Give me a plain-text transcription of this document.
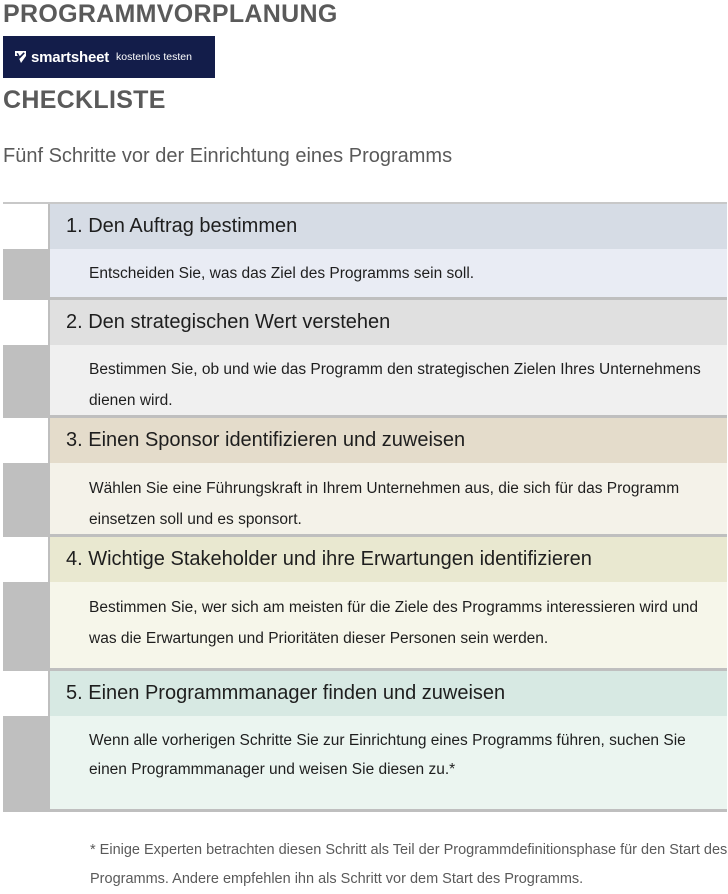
PROGRAMMVORPLANUNG
smartsheet kostenlos testen
CHECKLISTE
Fünf Schritte vor der Einrichtung eines Programms
1. Den Auftrag bestimmen
Entscheiden Sie, was das Ziel des Programms sein soll.
2. Den strategischen Wert verstehen
Bestimmen Sie, ob und wie das Programm den strategischen Zielen Ihres Unternehmens dienen wird.
3. Einen Sponsor identifizieren und zuweisen
Wählen Sie eine Führungskraft in Ihrem Unternehmen aus, die sich für das Programm einsetzen soll und es sponsort.
4. Wichtige Stakeholder und ihre Erwartungen identifizieren
Bestimmen Sie, wer sich am meisten für die Ziele des Programms interessieren wird und was die Erwartungen und Prioritäten dieser Personen sein werden.
5. Einen Programmmanager finden und zuweisen
Wenn alle vorherigen Schritte Sie zur Einrichtung eines Programms führen, suchen Sie einen Programmmanager und weisen Sie diesen zu.*
* Einige Experten betrachten diesen Schritt als Teil der Programmdefinitionsphase für den Start des Programms. Andere empfehlen ihn als Schritt vor dem Start des Programms.
